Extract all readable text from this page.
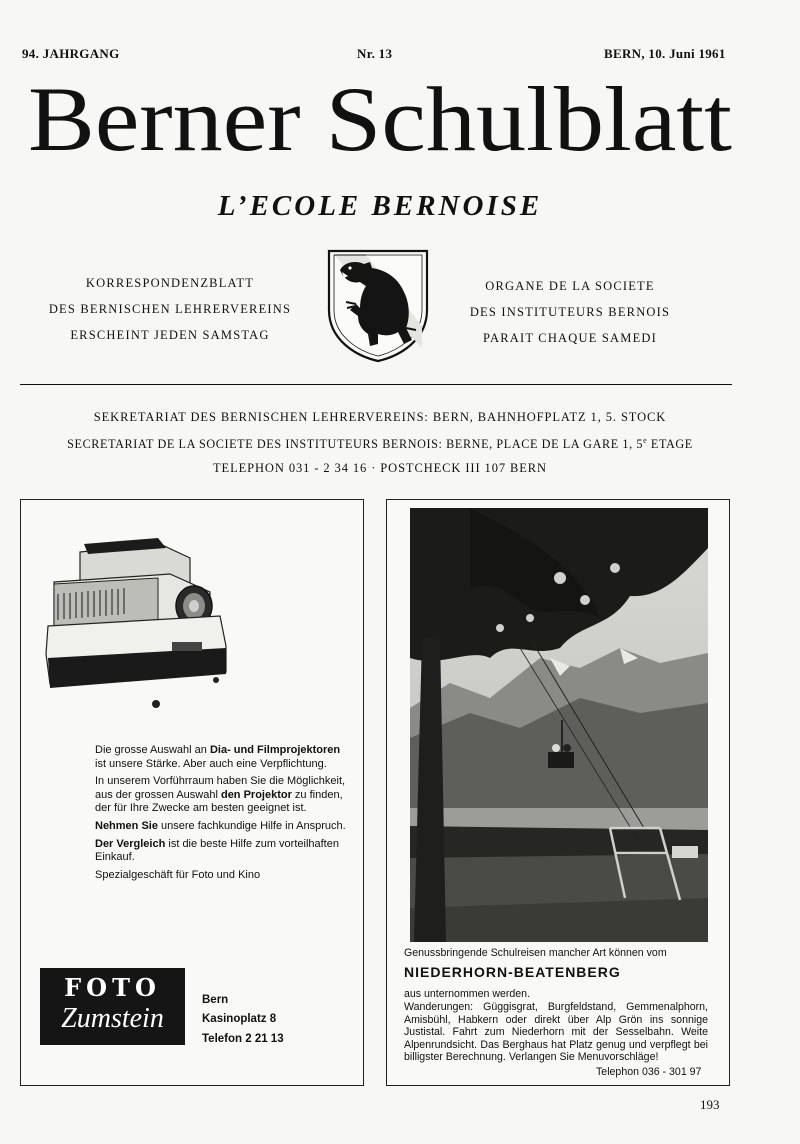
94. JAHRGANG	Nr. 13	BERN, 10. Juni 1961
Berner Schulblatt
L’ECOLE BERNOISE
KORRESPONDENZBLATT
DES BERNISCHEN LEHRERVEREINS
ERSCHEINT JEDEN SAMSTAG
ORGANE DE LA SOCIETE
DES INSTITUTEURS BERNOIS
PARAIT CHAQUE SAMEDI
SEKRETARIAT DES BERNISCHEN LEHRERVEREINS: BERN, BAHNHOFPLATZ 1, 5. STOCK
SECRETARIAT DE LA SOCIETE DES INSTITUTEURS BERNOIS: BERNE, PLACE DE LA GARE 1, 5e ETAGE
TELEPHON 031 - 2 34 16 · POSTCHECK III 107 BERN

Die grosse Auswahl an Dia- und Filmprojektoren ist unsere Stärke. Aber auch eine Verpflichtung.

In unserem Vorführraum haben Sie die Möglichkeit, aus der grossen Auswahl den Projektor zu finden, der für Ihre Zwecke am besten geeignet ist.

Nehmen Sie unsere fachkundige Hilfe in Anspruch.

Der Vergleich ist die beste Hilfe zum vorteilhaften Einkauf.

Spezialgeschäft für Foto und Kino

FOTO
Zumstein
Bern
Kasinoplatz 8
Telefon 2 21 13
Genussbringende Schulreisen mancher Art können vom
NIEDERHORN-BEATENBERG
aus unternommen werden.
Wanderungen: Güggisgrat, Burgfeldstand, Gemmenalphorn, Amisbühl, Habkern oder direkt über Alp Grön ins sonnige Justistal. Fahrt zum Niederhorn mit der Sesselbahn. Weite Alpenrundsicht. Das Berghaus hat Platz genug und verpflegt bei billigster Berechnung. Verlangen Sie Menuvorschläge!
Telephon 036 - 301 97
193
